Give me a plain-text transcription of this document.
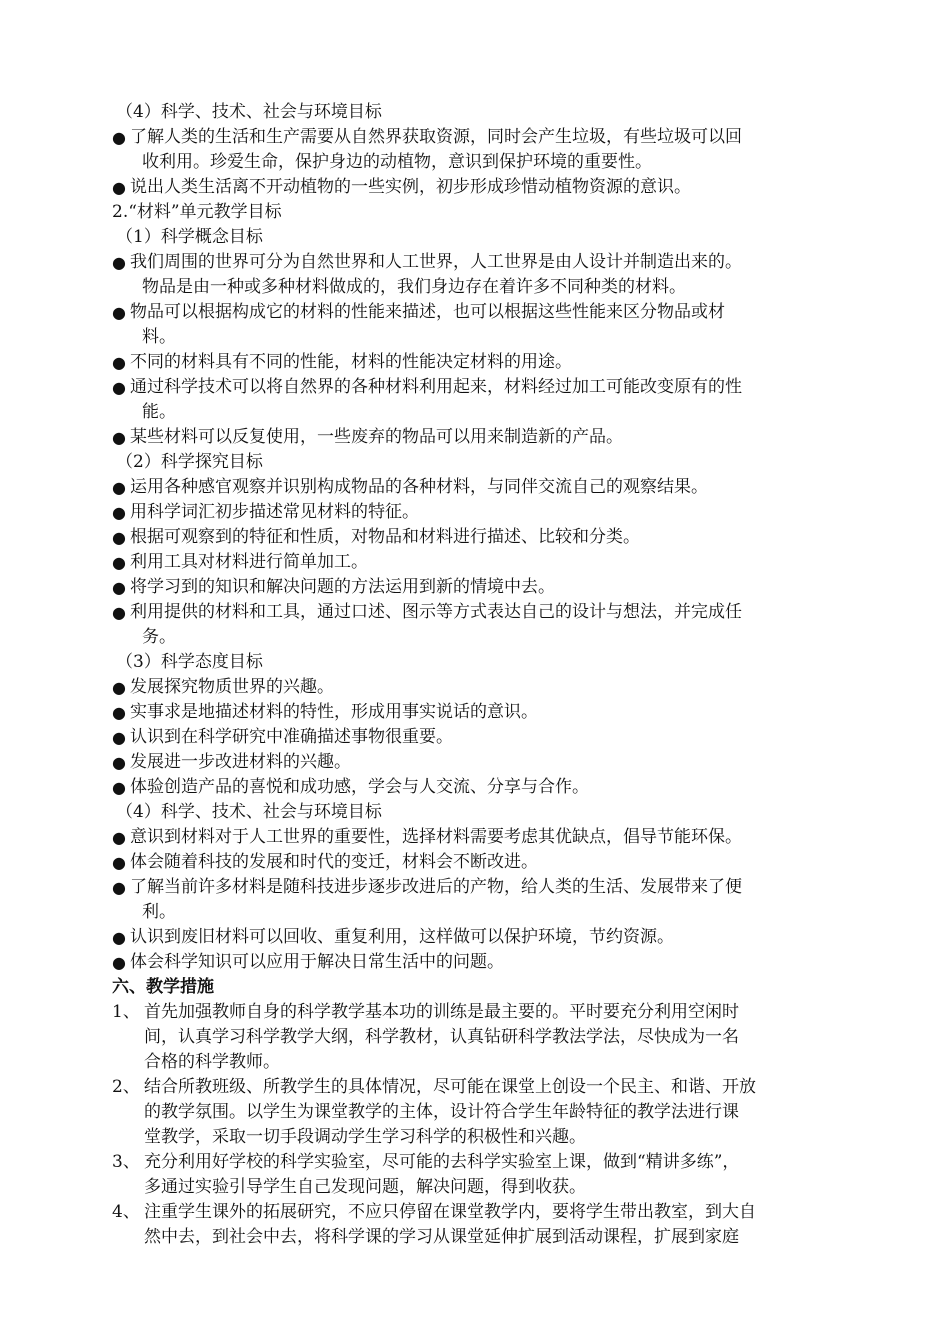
（4）科学、技术、社会与环境目标
● 了解人类的生活和生产需要从自然界获取资源，同时会产生垃圾，有些垃圾可以回
收利用。珍爱生命，保护身边的动植物，意识到保护环境的重要性。
● 说出人类生活离不开动植物的一些实例，初步形成珍惜动植物资源的意识。
2.“材料”单元教学目标
（1）科学概念目标
● 我们周围的世界可分为自然世界和人工世界，人工世界是由人设计并制造出来的。
物品是由一种或多种材料做成的，我们身边存在着许多不同种类的材料。
● 物品可以根据构成它的材料的性能来描述，也可以根据这些性能来区分物品或材
料。
● 不同的材料具有不同的性能，材料的性能决定材料的用途。
● 通过科学技术可以将自然界的各种材料利用起来，材料经过加工可能改变原有的性
能。
● 某些材料可以反复使用，一些废弃的物品可以用来制造新的产品。
（2）科学探究目标
● 运用各种感官观察并识别构成物品的各种材料，与同伴交流自己的观察结果。
● 用科学词汇初步描述常见材料的特征。
● 根据可观察到的特征和性质，对物品和材料进行描述、比较和分类。
● 利用工具对材料进行简单加工。
● 将学习到的知识和解决问题的方法运用到新的情境中去。
● 利用提供的材料和工具，通过口述、图示等方式表达自己的设计与想法，并完成任
务。
（3）科学态度目标
● 发展探究物质世界的兴趣。
● 实事求是地描述材料的特性，形成用事实说话的意识。
● 认识到在科学研究中准确描述事物很重要。
● 发展进一步改进材料的兴趣。
● 体验创造产品的喜悦和成功感，学会与人交流、分享与合作。
（4）科学、技术、社会与环境目标
● 意识到材料对于人工世界的重要性，选择材料需要考虑其优缺点，倡导节能环保。
● 体会随着科技的发展和时代的变迁，材料会不断改进。
● 了解当前许多材料是随科技进步逐步改进后的产物，给人类的生活、发展带来了便
利。
● 认识到废旧材料可以回收、重复利用，这样做可以保护环境，节约资源。
● 体会科学知识可以应用于解决日常生活中的问题。
六、教学措施
1、 首先加强教师自身的科学教学基本功的训练是最主要的。平时要充分利用空闲时
间，认真学习科学教学大纲，科学教材，认真钻研科学教法学法，尽快成为一名
合格的科学教师。
2、 结合所教班级、所教学生的具体情况，尽可能在课堂上创设一个民主、和谐、开放
的教学氛围。以学生为课堂教学的主体，设计符合学生年龄特征的教学法进行课
堂教学，采取一切手段调动学生学习科学的积极性和兴趣。
3、 充分利用好学校的科学实验室，尽可能的去科学实验室上课，做到“精讲多练”，
多通过实验引导学生自己发现问题，解决问题，得到收获。
4、 注重学生课外的拓展研究，不应只停留在课堂教学内，要将学生带出教室，到大自
然中去，到社会中去，将科学课的学习从课堂延伸扩展到活动课程，扩展到家庭
